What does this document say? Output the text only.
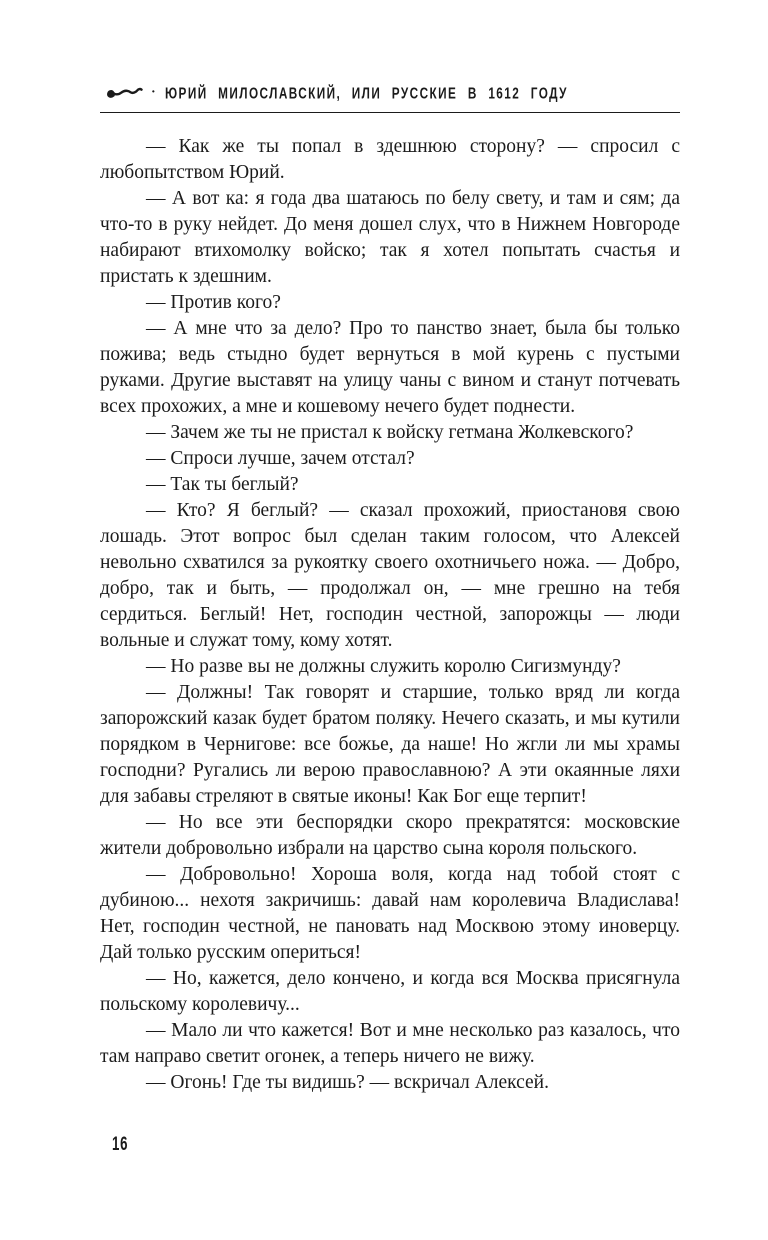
· ЮРИЙ МИЛОСЛАВСКИЙ, ИЛИ РУССКИЕ В 1612 ГОДУ

— Как же ты попал в здешнюю сторону? — спросил с любопытством Юрий.

— А вот ка: я года два шатаюсь по белу свету, и там и сям; да что-то в руку нейдет. До меня дошел слух, что в Нижнем Новгороде набирают втихомолку войско; так я хотел попытать счастья и пристать к здешним.

— Против кого?

— А мне что за дело? Про то панство знает, была бы только пожива; ведь стыдно будет вернуться в мой курень с пустыми руками. Другие выставят на улицу чаны с вином и станут потчевать всех прохожих, а мне и кошевому нечего будет поднести.

— Зачем же ты не пристал к войску гетмана Жолкевского?

— Спроси лучше, зачем отстал?

— Так ты беглый?

— Кто? Я беглый? — сказал прохожий, приостановя свою лошадь. Этот вопрос был сделан таким голосом, что Алексей невольно схватился за рукоятку своего охотничьего ножа. — Добро, добро, так и быть, — продолжал он, — мне грешно на тебя сердиться. Беглый! Нет, господин честной, запорожцы — люди вольные и служат тому, кому хотят.

— Но разве вы не должны служить королю Сигизмунду?

— Должны! Так говорят и старшие, только вряд ли когда запорожский казак будет братом поляку. Нечего сказать, и мы кутили порядком в Чернигове: все божье, да наше! Но жгли ли мы храмы господни? Ругались ли верою православною? А эти окаянные ляхи для забавы стреляют в святые иконы! Как Бог еще терпит!

— Но все эти беспорядки скоро прекратятся: московские жители добровольно избрали на царство сына короля польского.

— Добровольно! Хороша воля, когда над тобой стоят с дубиною... нехотя закричишь: давай нам королевича Владислава! Нет, господин честной, не пановать над Москвою этому иноверцу. Дай только русским опериться!

— Но, кажется, дело кончено, и когда вся Москва присягнула польскому королевичу...

— Мало ли что кажется! Вот и мне несколько раз казалось, что там направо светит огонек, а теперь ничего не вижу.

— Огонь! Где ты видишь? — вскричал Алексей.

16
